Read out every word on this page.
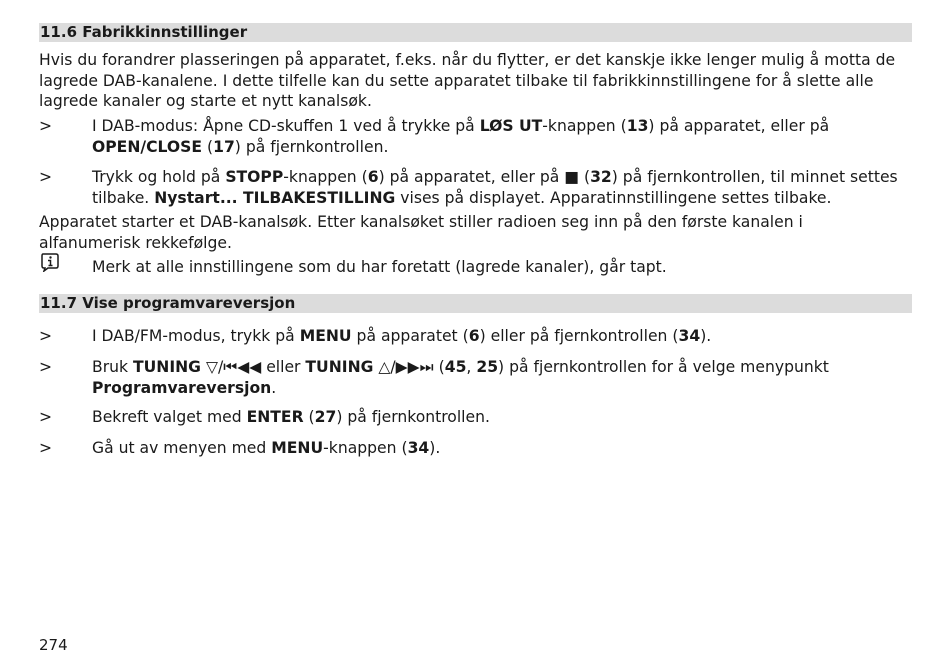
11.6 Fabrikkinnstillinger
Hvis du forandrer plasseringen på apparatet, f.eks. når du flytter, er det kanskje ikke lenger mulig å motta de lagrede DAB-kanalene. I dette tilfelle kan du sette apparatet tilbake til fabrikkinnstillingene for å slette alle lagrede kanaler og starte et nytt kanalsøk.
>	I DAB-modus: Åpne CD-skuffen 1 ved å trykke på LØS UT-knappen (13) på apparatet, eller på OPEN/CLOSE (17) på fjernkontrollen.
>	Trykk og hold på STOPP-knappen (6) på apparatet, eller på ■ (32) på fjernkontrollen, til minnet settes tilbake. Nystart... TILBAKESTILLING vises på displayet. Apparatinnstillingene settes tilbake.
Apparatet starter et DAB-kanalsøk. Etter kanalsøket stiller radioen seg inn på den første kanalen i alfanumerisk rekkefølge.
Merk at alle innstillingene som du har foretatt (lagrede kanaler), går tapt.
11.7 Vise programvareversjon
>	I DAB/FM-modus, trykk på MENU på apparatet (6) eller på fjernkontrollen (34).
>	Bruk TUNING ▽/⏮◀◀ eller TUNING △/▶▶⏭ (45, 25) på fjernkontrollen for å velge menypunkt Programvareversjon.
>	Bekreft valget med ENTER (27) på fjernkontrollen.
>	Gå ut av menyen med MENU-knappen (34).
274
